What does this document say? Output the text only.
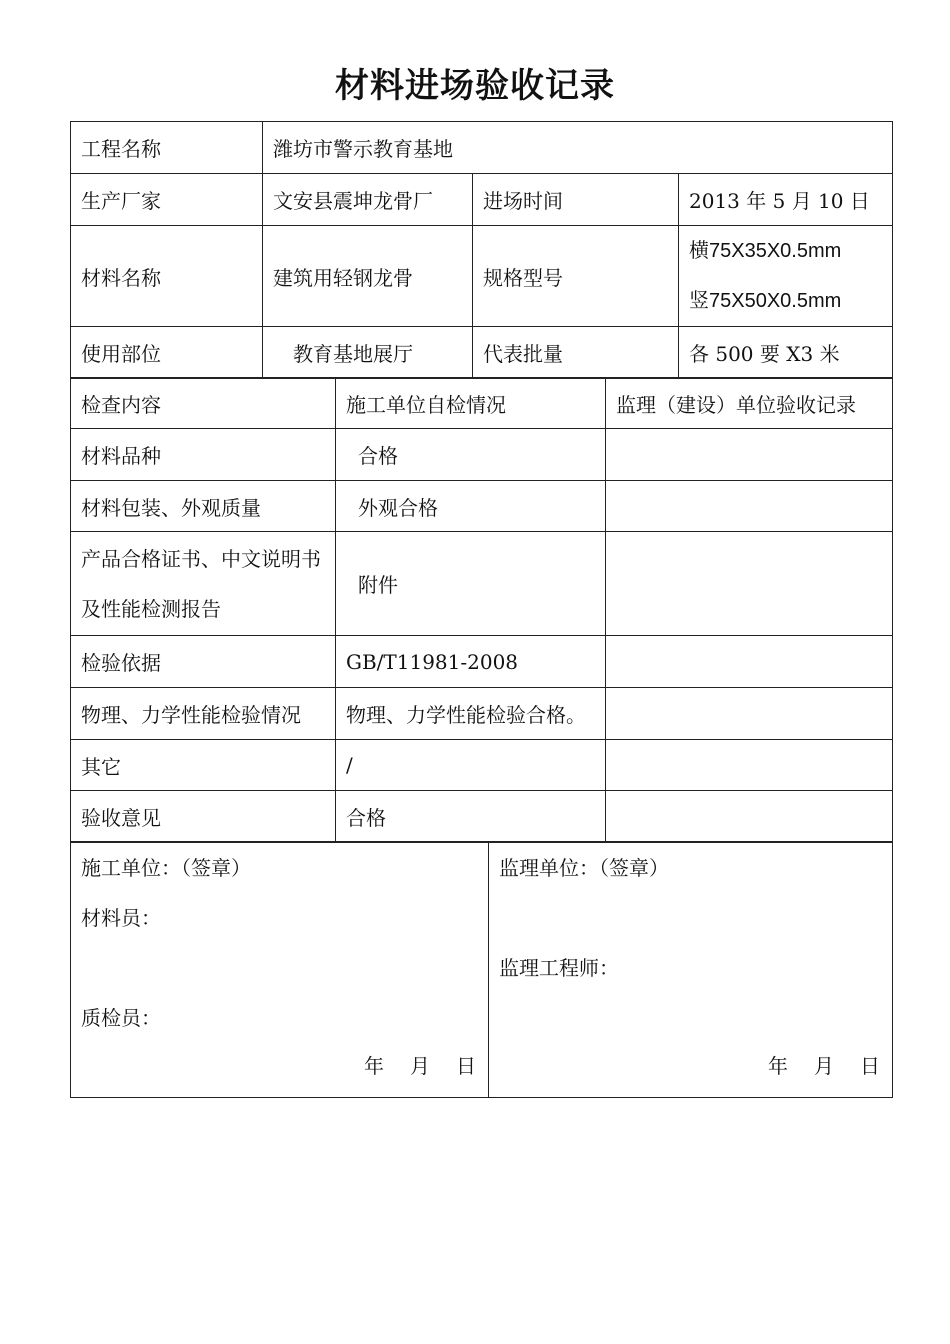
材料进场验收记录
工程名称	潍坊市警示教育基地		
生产厂家	文安县震坤龙骨厂	进场时间	2013 年 5 月 10 日
材料名称	建筑用轻钢龙骨	规格型号	横75X35X0.5mm
竖75X50X0.5mm

使用部位	教育基地展厅	代表批量	各 500 要 X3 米
检查内容	施工单位自检情况	监理（建设）单位验收记录
材料品种	合格	
材料包装、外观质量	外观合格	
产品合格证书、中文说明书及性能检测报告	附件	
检验依据	GB/T11981-2008	
物理、力学性能检验情况	物理、力学性能检验合格。	
其它	/	
验收意见	合格	
施工单位：（签章）
材料员：
质检员：
年 月 日

监理单位：（签章）
监理工程师：
年 月 日
